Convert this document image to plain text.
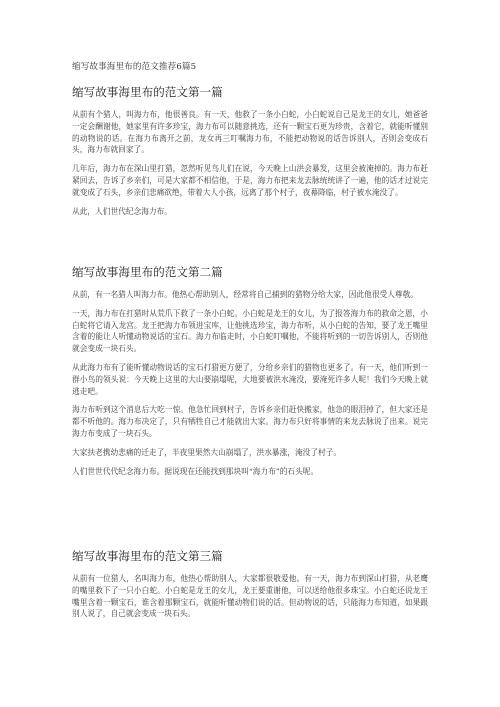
缩写故事海里布的范文推荐6篇5
缩写故事海里布的范文第一篇

从前有个猎人，叫海力布，他很善良。有一天，他救了一条小白蛇，小白蛇说自己是龙王的女儿，她爸爸一定会酬谢他，她家里有许多珍宝，海力布可以随意挑选，还有一颗宝石更为珍贵，含着它，就能听懂别的动物说的话。在海力布离开之前，龙女再三叮嘱海力布，不能把动物说的话告诉别人，否则会变成石头，海力布就回家了。

几年后，海力布在深山里打猎，忽然听见鸟儿们在说，今天晚上山洪会暴发，这里会被淹掉的。海力布赶紧回去，告诉了乡亲们，可是大家都不相信他，于是，海力布把来龙去脉统统讲了一遍，他的话才过说完就变成了石头，乡亲们悲痛欲绝，带着大人小孩，远离了那个村子，夜幕降临，村子被水淹没了。

从此，人们世代纪念海力布。

缩写故事海里布的范文第二篇

从前，有一名猎人叫海力布。他热心帮助别人，经常将自己捕到的猎物分给大家，因此他很受人尊敬。

一天，海力布在打猎时从荒爪下救了一条小白蛇。小白蛇是龙王的女儿，为了报答海力布的救命之恩，小白蛇将它请入龙宫。龙王把海力布领进宝库，让他挑选珍宝，海力布听，从小白蛇的告知，要了龙王嘴里含着的能让人听懂动物说话的宝石。海力布临走时，小白蛇叮嘱他，不能将听到的一切告诉别人，否则他就会变成一块石头。

从此海力布有了能听懂动物说话的宝石打猎更方便了，分给乡亲们的猎物也更多了。有一天，他们听到一群小鸟的领头说：今天晚上这里的大山要崩塌呢，大地要被洪水淹没，要淹死许多人呢！我们今天晚上就逃走吧。

海力布听到这个消息后大吃一惊。他急忙回到村子，告诉乡亲们赶快搬家，他急的眼泪掉了，但大家还是都不听他的。海力布决定了，只有牺牲自己才能就出大家。海力布只好将事情的来龙去脉说了出来。说完海力布变成了一块石头。

大家扶老携幼悲痛的迁走了，半夜里果然大山崩塌了，洪水暴涨，淹没了村子。

人们世世代代纪念海力布。据说现在还能找到那块叫“海力布”的石头呢。

缩写故事海里布的范文第三篇

从前有一位猎人，名叫海力布，他热心帮助别人，大家都很敬爱他。有一天，海力布到深山打猎，从老鹰的嘴里救下了一只小白蛇。小白蛇是龙王的女儿，龙王要重谢他，可以送给他很多珠宝。小白蛇还说龙王嘴里含着一颗宝石，谁含着那颗宝石，就能听懂动物们说的话。但动物说的话，只能海力布知道，如果跟别人说了，自己就会变成一块石头。
